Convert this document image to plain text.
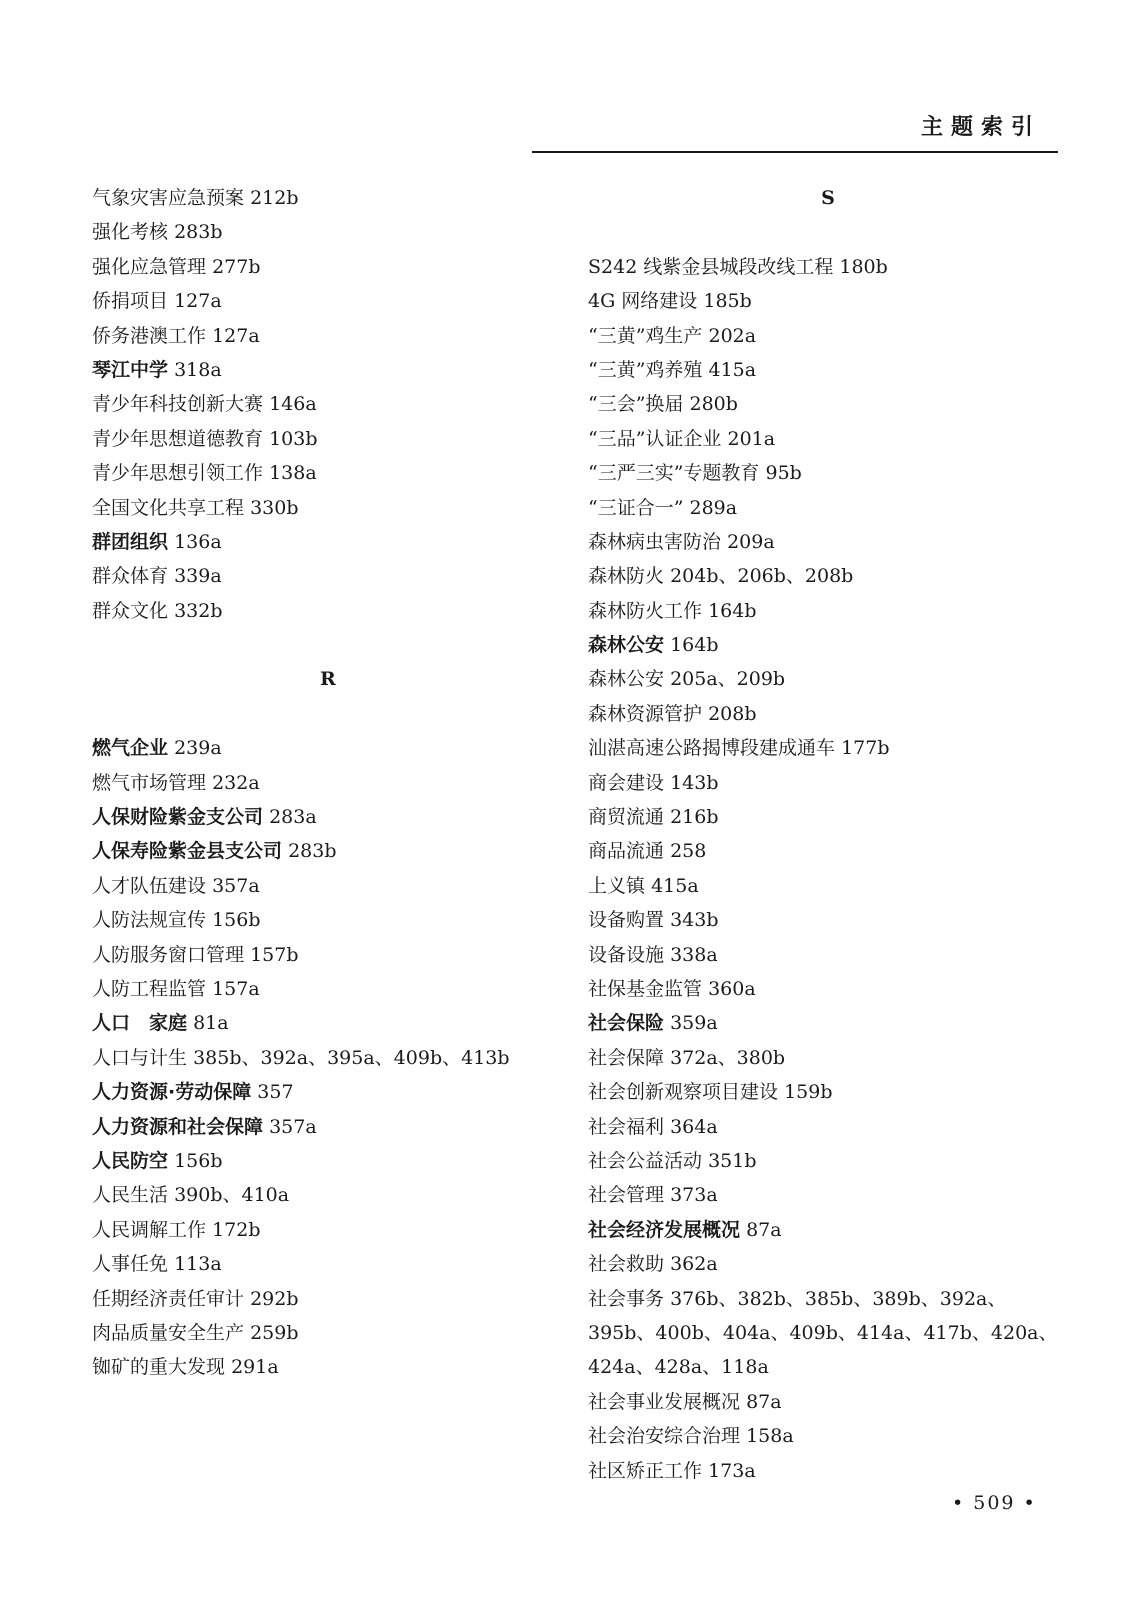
主题索引
气象灾害应急预案 212b
强化考核 283b
强化应急管理 277b
侨捐项目 127a
侨务港澳工作 127a
琴江中学 318a
青少年科技创新大赛 146a
青少年思想道德教育 103b
青少年思想引领工作 138a
全国文化共享工程 330b
群团组织 136a
群众体育 339a
群众文化 332b
R
燃气企业 239a
燃气市场管理 232a
人保财险紫金支公司 283a
人保寿险紫金县支公司 283b
人才队伍建设 357a
人防法规宣传 156b
人防服务窗口管理 157b
人防工程监管 157a
人口　家庭 81a
人口与计生 385b、392a、395a、409b、413b
人力资源·劳动保障 357
人力资源和社会保障 357a
人民防空 156b
人民生活 390b、410a
人民调解工作 172b
人事任免 113a
任期经济责任审计 292b
肉品质量安全生产 259b
铷矿的重大发现 291a
S
S242 线紫金县城段改线工程 180b
4G 网络建设 185b
“三黄”鸡生产 202a
“三黄”鸡养殖 415a
“三会”换届 280b
“三品”认证企业 201a
“三严三实”专题教育 95b
“三证合一” 289a
森林病虫害防治 209a
森林防火 204b、206b、208b
森林防火工作 164b
森林公安 164b
森林公安 205a、209b
森林资源管护 208b
汕湛高速公路揭博段建成通车 177b
商会建设 143b
商贸流通 216b
商品流通 258
上义镇 415a
设备购置 343b
设备设施 338a
社保基金监管 360a
社会保险 359a
社会保障 372a、380b
社会创新观察项目建设 159b
社会福利 364a
社会公益活动 351b
社会管理 373a
社会经济发展概况 87a
社会救助 362a
社会事务 376b、382b、385b、389b、392a、395b、400b、404a、409b、414a、417b、420a、424a、428a、118a
社会事业发展概况 87a
社会治安综合治理 158a
社区矫正工作 173a
• 509 •
